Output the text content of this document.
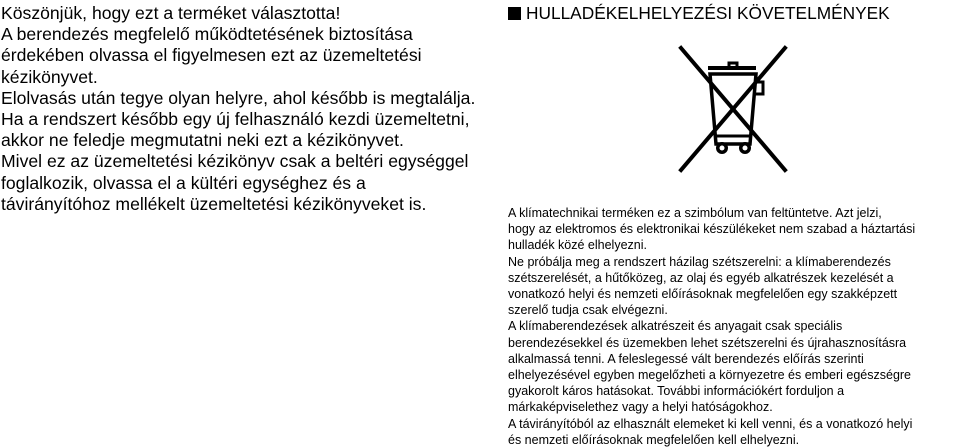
Köszönjük, hogy ezt a terméket választotta!

A berendezés megfelelő működtetésének biztosítása érdekében olvassa el figyelmesen ezt az üzemeltetési kézikönyvet.

Elolvasás után tegye olyan helyre, ahol később is megtalálja.

Ha a rendszert később egy új felhasználó kezdi üzemeltetni, akkor ne feledje megmutatni neki ezt a kézikönyvet.

Mivel ez az üzemeltetési kézikönyv csak a beltéri egységgel foglalkozik, olvassa el a kültéri egységhez és a távirányítóhoz mellékelt üzemeltetési kézikönyveket is.

HULLADÉKELHELYEZÉSI KÖVETELMÉNYEK

A klímatechnikai terméken ez a szimbólum van feltüntetve. Azt jelzi,

hogy az elektromos és elektronikai készülékeket nem szabad a háztartási

hulladék közé elhelyezni.

Ne próbálja meg a rendszert házilag szétszerelni: a klímaberendezés

szétszerelését, a hűtőközeg, az olaj és egyéb alkatrészek kezelését a

vonatkozó helyi és nemzeti előírásoknak megfelelően egy szakképzett

szerelő tudja csak elvégezni.

A klímaberendezések alkatrészeit és anyagait csak speciális

berendezésekkel és üzemekben lehet szétszerelni és újrahasznosításra

alkalmassá tenni. A feleslegessé vált berendezés előírás szerinti

elhelyezésével egyben megelőzheti a környezetre és emberi egészségre

gyakorolt káros hatásokat. További információkért forduljon a

márkaképviselethez vagy a helyi hatóságokhoz.

A távirányítóból az elhasznált elemeket ki kell venni, és a vonatkozó helyi

és nemzeti előírásoknak megfelelően kell elhelyezni.
